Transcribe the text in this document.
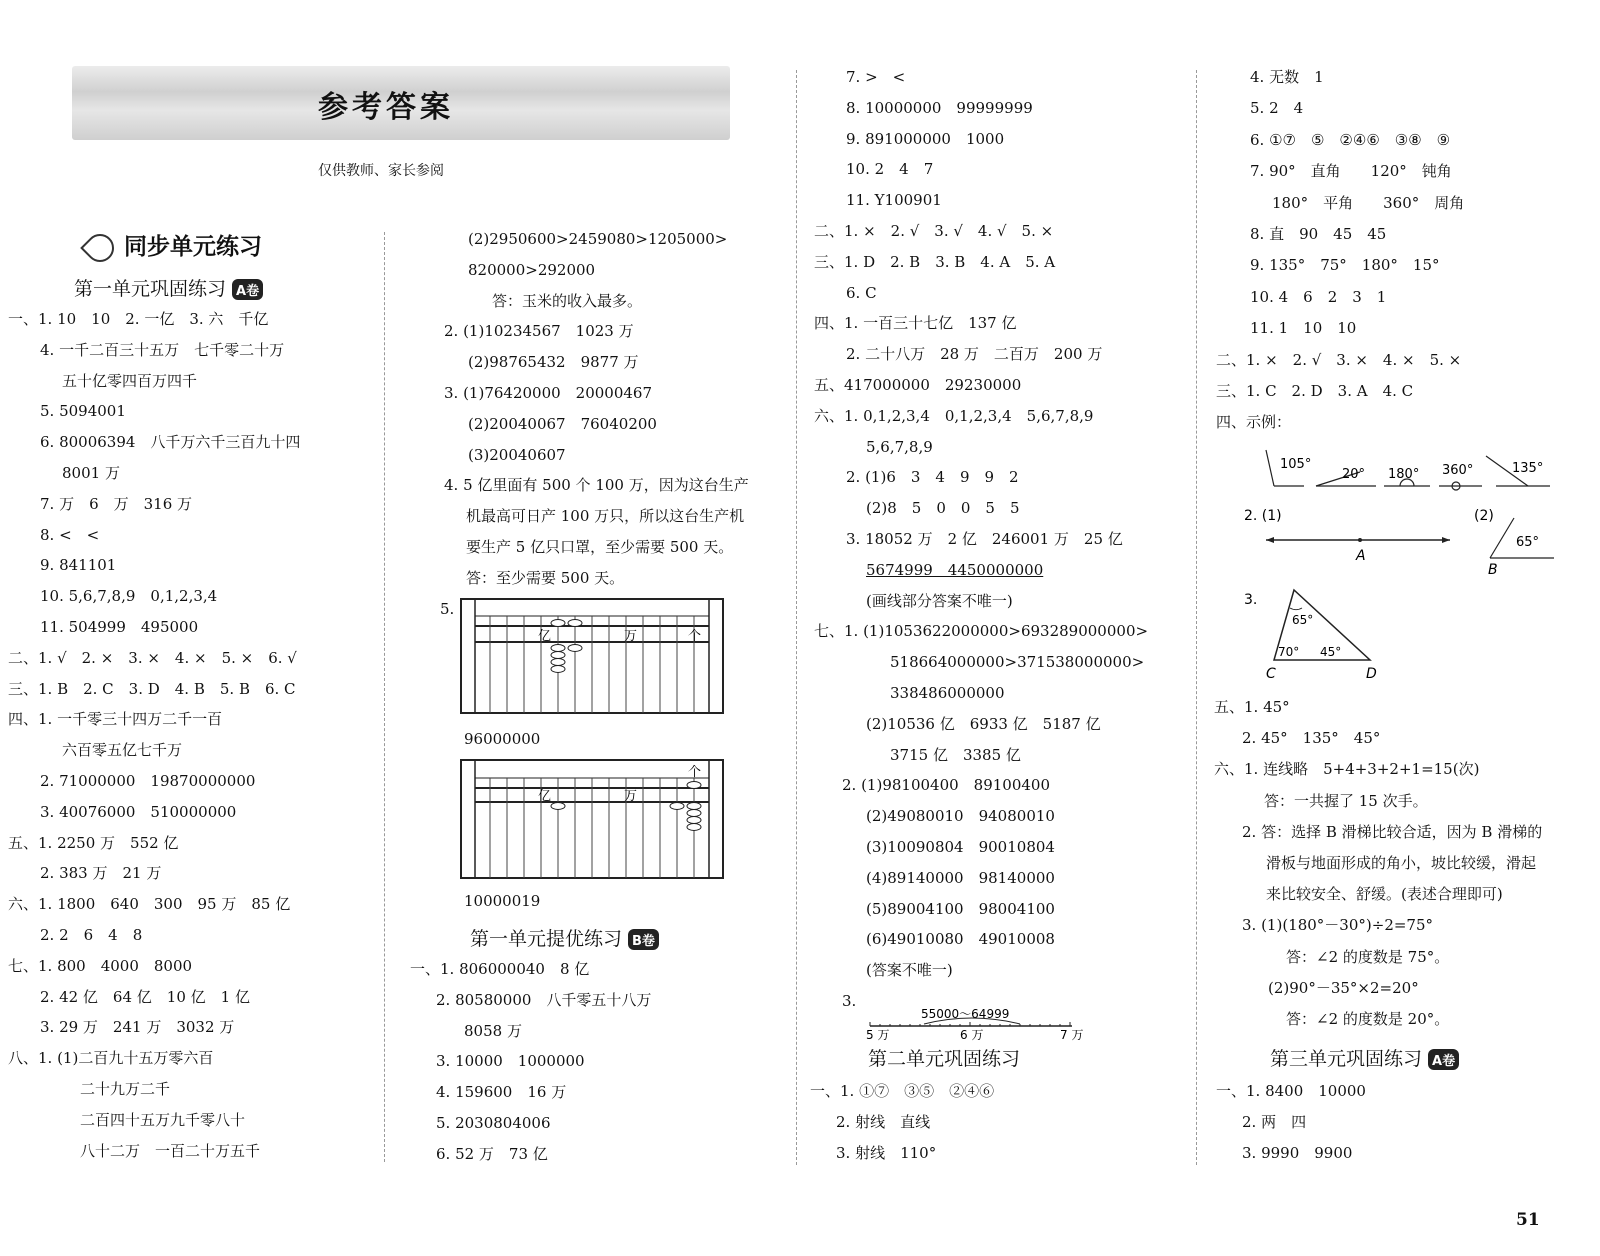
参考答案
仅供教师、家长参阅
同步单元练习
第一单元巩固练习 A卷
一、1. 10　10　2. 一亿　3. 六　千亿
4. 一千二百三十五万　七千零二十万
五十亿零四百万四千
5. 5094001
6. 80006394　八千万六千三百九十四
8001 万
7. 万　6　万　316 万
8. <　<
9. 841101
10. 5,6,7,8,9　0,1,2,3,4
11. 504999　495000
二、1. √　2. ×　3. ×　4. ×　5. ×　6. √
三、1. B　2. C　3. D　4. B　5. B　6. C
四、1. 一千零三十四万二千一百
六百零五亿七千万
2. 71000000　19870000000
3. 40076000　510000000
五、1. 2250 万　552 亿
2. 383 万　21 万
六、1. 1800　640　300　95 万　85 亿
2. 2　6　4　8
七、1. 800　4000　8000
2. 42 亿　64 亿　10 亿　1 亿
3. 29 万　241 万　3032 万
八、1. (1)二百九十五万零六百
二十九万二千
二百四十五万九千零八十
八十二万　一百二十万五千
(2)2950600>2459080>1205000>
820000>292000
答：玉米的收入最多。
2. (1)10234567　1023 万
(2)98765432　9877 万
3. (1)76420000　20000467
(2)20040067　76040200
(3)20040607
4. 5 亿里面有 500 个 100 万，因为这台生产
机最高可日产 100 万只，所以这台生产机
要生产 5 亿只口罩，至少需要 500 天。
答：至少需要 500 天。
5.
亿	万	个
96000000
亿	万
个
10000019
第一单元提优练习 B卷
一、1. 806000040　8 亿
2. 80580000　八千零五十八万
8058 万
3. 10000　1000000
4. 159600　16 万
5. 2030804006
6. 52 万　73 亿
7. >　<
8. 10000000　99999999
9. 891000000　1000
10. 2　4　7
11. Y100901
二、1. ×　2. √　3. √　4. √　5. ×
三、1. D　2. B　3. B　4. A　5. A
6. C
四、1. 一百三十七亿　137 亿
2. 二十八万　28 万　二百万　200 万
五、417000000　29230000
六、1. 0,1,2,3,4　0,1,2,3,4　5,6,7,8,9
5,6,7,8,9
2. (1)6　3　4　9　9　2
(2)8　5　0　0　5　5
3. 18052 万　2 亿　246001 万　25 亿
5674999　4450000000
(画线部分答案不唯一)
七、1. (1)1053622000000>693289000000>
518664000000>371538000000>
338486000000
(2)10536 亿　6933 亿　5187 亿
3715 亿　3385 亿
2. (1)98100400　89100400
(2)49080010　94080010
(3)10090804　90010804
(4)89140000　98140000
(5)89004100　98004100
(6)49010080　49010008
(答案不唯一)
3.
55000～64999
5 万	6 万	7 万
第二单元巩固练习
一、1. ①⑦　③⑤　②④⑥
2. 射线　直线
3. 射线　110°
4. 无数　1
5. 2　4
6. ①⑦　⑤　②④⑥　③⑧　⑨
7. 90°　直角　　120°　钝角
180°　平角　　360°　周角
8. 直　90　45　45
9. 135°　75°　180°　15°
10. 4　6　2　3　1
11. 1　10　10
二、1. ×　2. √　3. ×　4. ×　5. ×
三、1. C　2. D　3. A　4. C
四、示例：
105°
20° 180° 360°	135°
2. (1)	(2)
A
65°
B
3.
65°
70° 45°
C	D
五、1. 45°
2. 45°　135°　45°
六、1. 连线略　5+4+3+2+1=15(次)
答：一共握了 15 次手。
2. 答：选择 B 滑梯比较合适，因为 B 滑梯的
滑板与地面形成的角小，坡比较缓，滑起
来比较安全、舒缓。(表述合理即可)
3. (1)(180°－30°)÷2=75°
答：∠2 的度数是 75°。
(2)90°－35°×2=20°
答：∠2 的度数是 20°。
第三单元巩固练习 A卷
一、1. 8400　10000
2. 两　四
3. 9990　9900
51
